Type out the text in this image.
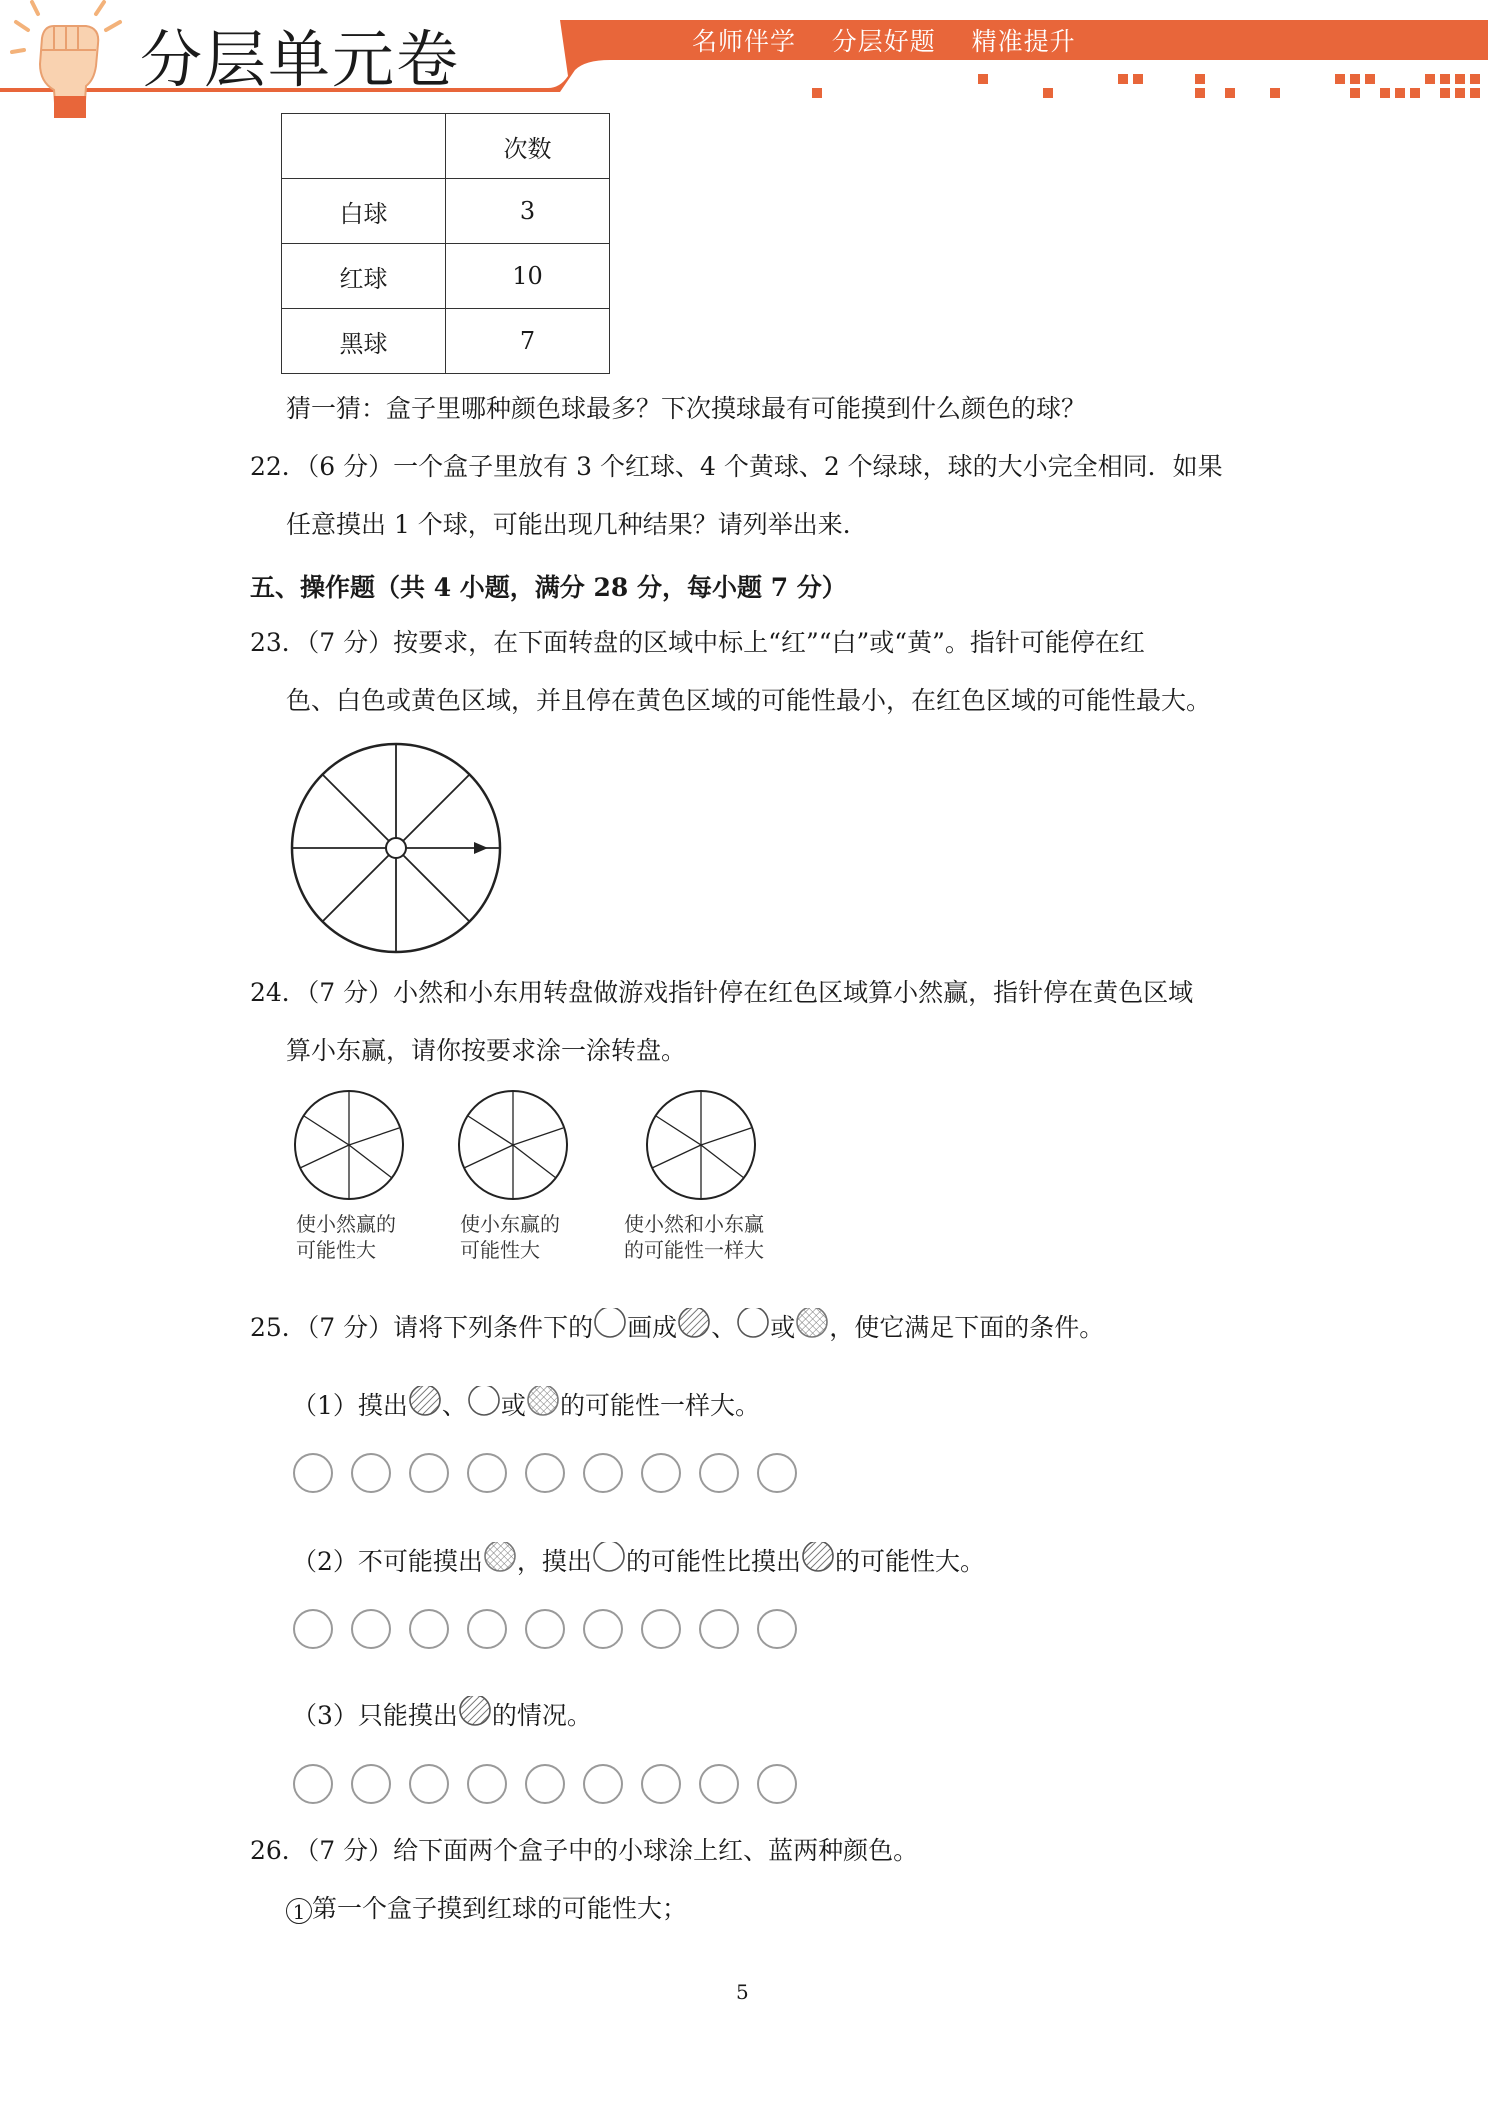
分层单元卷	名师伴学    分层好题    精准提升
	次数
白球	3
红球	10
黑球	7
猜一猜：盒子里哪种颜色球最多？下次摸球最有可能摸到什么颜色的球？
22．（6 分）一个盒子里放有 3 个红球、4 个黄球、2 个绿球，球的大小完全相同．如果
任意摸出 1 个球，可能出现几种结果？请列举出来．
五、操作题（共 4 小题，满分 28 分，每小题 7 分）
23．（7 分）按要求，在下面转盘的区域中标上“红”“白”或“黄”。指针可能停在红
色、白色或黄色区域，并且停在黄色区域的可能性最小，在红色区域的可能性最大。
24．（7 分）小然和小东用转盘做游戏指针停在红色区域算小然赢，指针停在黄色区域
算小东赢，请你按要求涂一涂转盘。
使小然赢的
可能性大
使小东赢的
可能性大
使小然和小东赢
的可能性一样大
25．（7 分）请将下列条件下的 画成 、 或 ，使它满足下面的条件。
（1）摸出 、 或 的可能性一样大。
（2）不可能摸出 ，摸出 的可能性比摸出 的可能性大。
（3）只能摸出 的情况。
26．（7 分）给下面两个盒子中的小球涂上红、蓝两种颜色。
1 第一个盒子摸到红球的可能性大；
5
